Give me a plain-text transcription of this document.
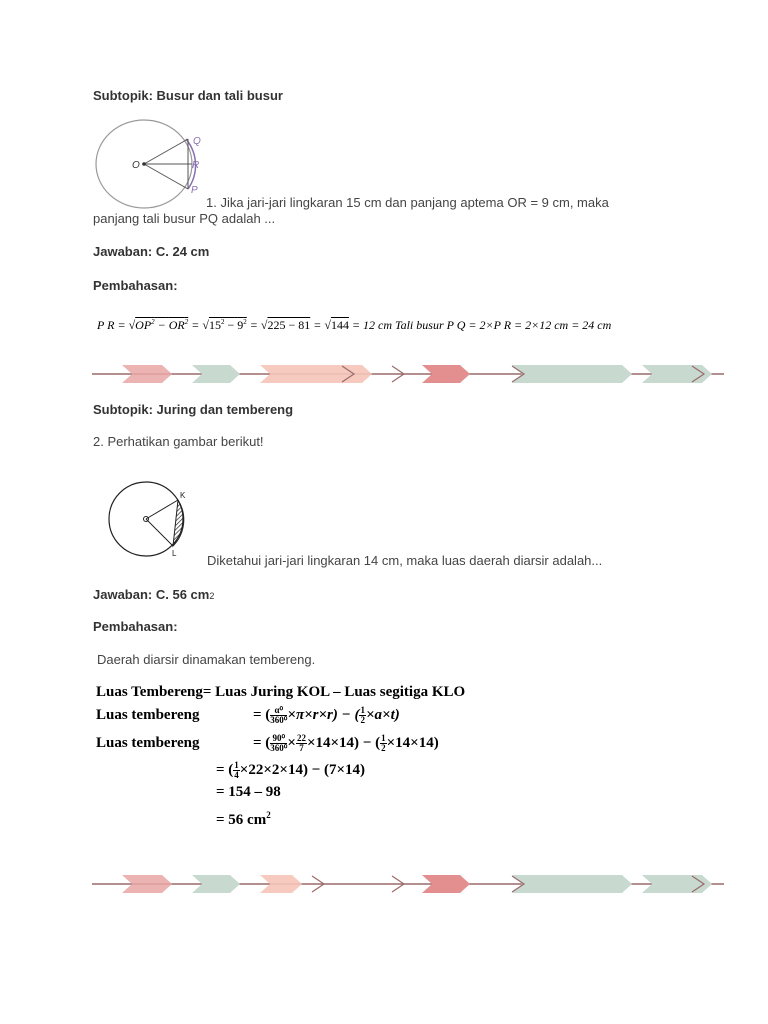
Subtopik: Busur dan tali busur
O
Q
R
P
1. Jika jari-jari lingkaran 15 cm dan panjang aptema OR = 9 cm, maka
panjang tali busur PQ adalah ...
Jawaban: C. 24 cm
Pembahasan:
P $R = √OP^2 - OR^2 = √15^2 - 9^2 = √225 - 81 = √144 = 12$ cm Tali busur P Q = 2×P R = 2×12 cm = 24 cm
Subtopik: Juring dan tembereng
2. Perhatikan gambar berikut!
K
L Diketahui jari-jari lingkaran 14 cm, maka luas daerah diarsir adalah...
Jawaban: C. 56 cm2
Pembahasan:
Daerah diarsir dinamakan tembereng.
Luas Tembereng= Luas Juring KOL – Luas segitiga KLO
Luas tembereng	= ( $\frac{\text{α⁰}}{\text{360⁰}} \times\pi\times r\times r$) − ( $\frac{1}{2} \times a\times t$)
Luas tembereng	= ( $\frac{\text{90⁰}}{\text{360⁰}} \times \frac{22}{7} \times 14\times 14$) − ( $\frac{1}{2} \times 14\times 14$)
= ( $\frac{1}{4} \times 22\times 2\times 14) - (7\times 14)$
= 154 – 98
= 56 $cm^2$
